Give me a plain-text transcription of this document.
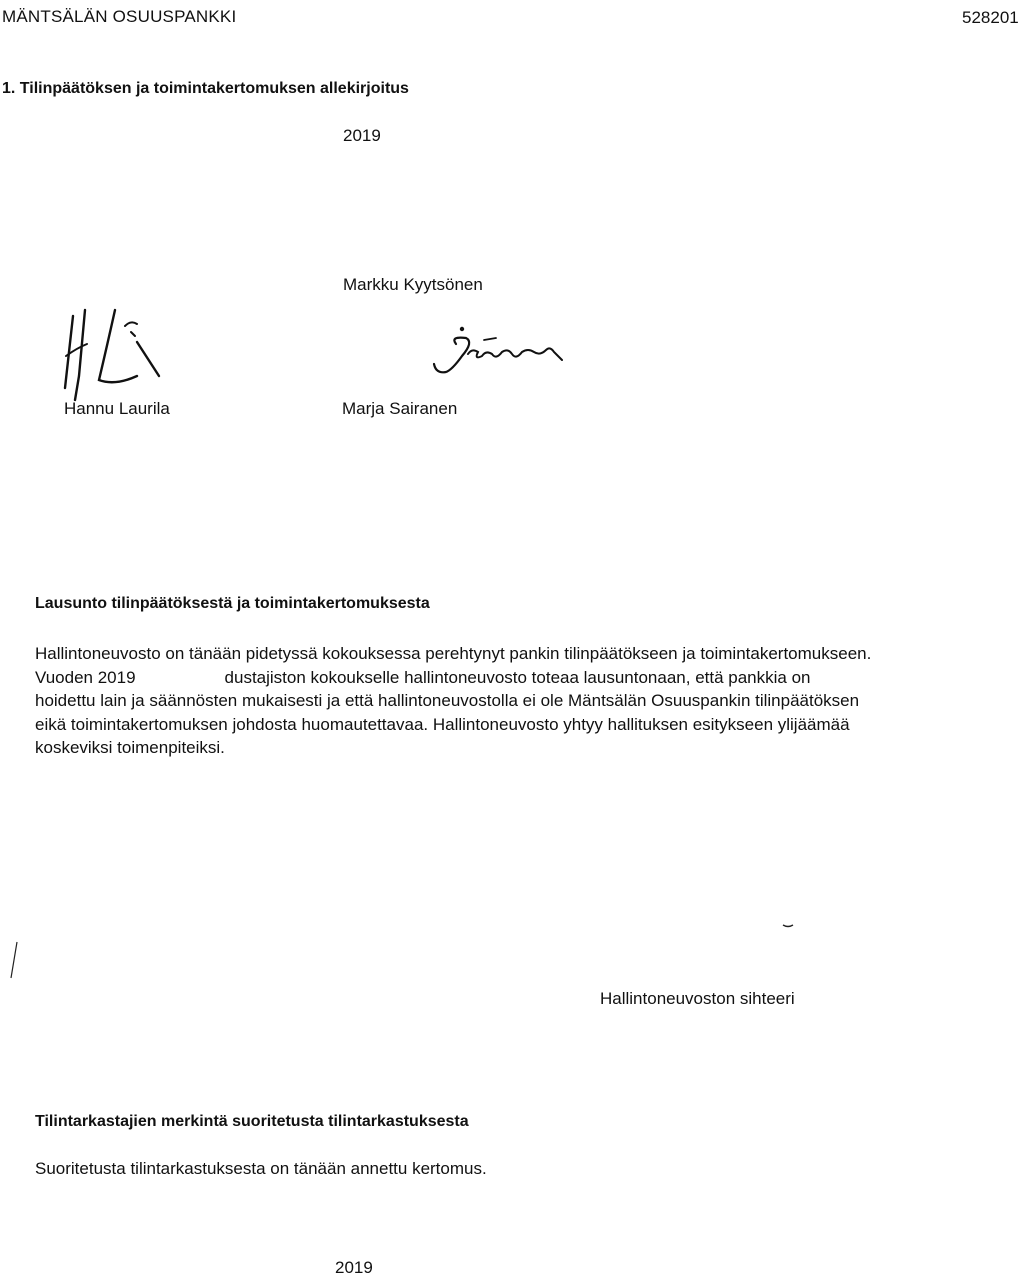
MÄNTSÄLÄN OSUUSPANKKI	528201
1. Tilinpäätöksen ja toimintakertomuksen allekirjoitus
2019
Markku Kyytsönen
Hannu Laurila	Marja Sairanen
Lausunto tilinpäätöksestä ja toimintakertomuksesta
Hallintoneuvosto on tänään pidetyssä kokouksessa perehtynyt pankin tilinpäätökseen ja toimintakertomukseen.
Vuoden 2019	dustajiston kokoukselle hallintoneuvosto toteaa lausuntonaan, että pankkia on
hoidettu lain ja säännösten mukaisesti ja että hallintoneuvostolla ei ole Mäntsälän Osuuspankin tilinpäätöksen
eikä toimintakertomuksen johdosta huomautettavaa. Hallintoneuvosto yhtyy hallituksen esitykseen ylijäämää
koskeviksi toimenpiteiksi.
Hallintoneuvoston sihteeri
Tilintarkastajien merkintä suoritetusta tilintarkastuksesta
Suoritetusta tilintarkastuksesta on tänään annettu kertomus.
2019
